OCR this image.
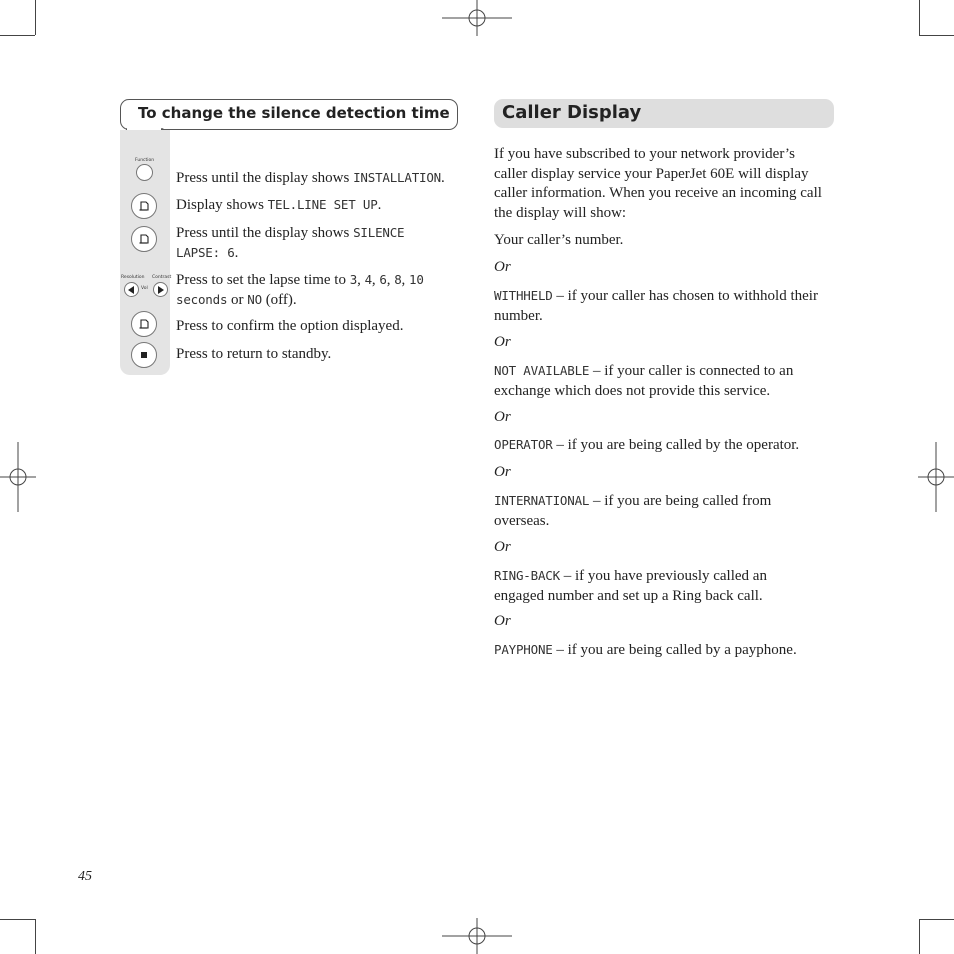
To change the silence detection time
Function
Resolution Contrast
Vol
Press until the display shows INSTALLATION.
Display shows TEL.LINE SET UP.
Press until the display shows SILENCE LAPSE: 6.
Press to set the lapse time to 3, 4, 6, 8, 10 seconds or NO (off).
Press to confirm the option displayed.
Press to return to standby.
Caller Display
If you have subscribed to your network provider’s caller display service your PaperJet 60E will display caller information. When you receive an incoming call the display will show:
Your caller’s number.
Or
WITHHELD – if your caller has chosen to withhold their number.
Or
NOT AVAILABLE – if your caller is connected to an exchange which does not provide this service.
Or
OPERATOR – if you are being called by the operator.
Or
INTERNATIONAL – if you are being called from overseas.
Or
RING-BACK – if you have previously called an engaged number and set up a Ring back call.
Or
PAYPHONE – if you are being called by a payphone.
45
